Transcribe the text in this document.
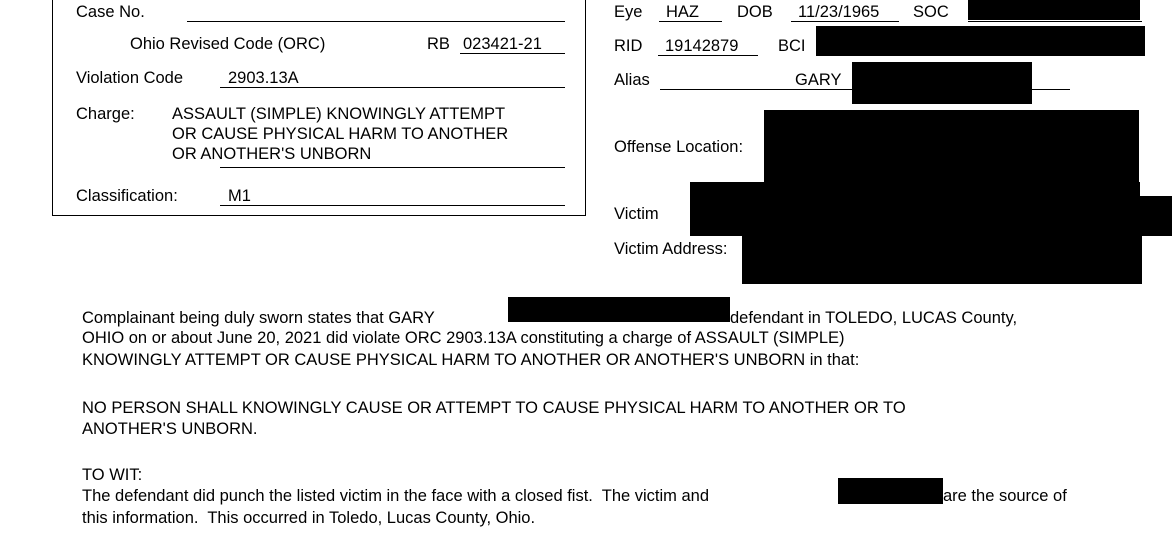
Case No.
Ohio Revised Code (ORC)	RB 023421-21
Violation Code	2903.13A
Charge: ASSAULT (SIMPLE) KNOWINGLY ATTEMPT
OR CAUSE PHYSICAL HARM TO ANOTHER
OR ANOTHER'S UNBORN
Classification:	M1
Eye HAZ DOB 11/23/1965 SOC
RID 19142879 BCI
Alias	GARY
Offense Location:
Victim
Victim Address:
Complainant being duly sworn states that GARY	defendant in TOLEDO, LUCAS County,
OHIO on or about June 20, 2021 did violate ORC 2903.13A constituting a charge of ASSAULT (SIMPLE)
KNOWINGLY ATTEMPT OR CAUSE PHYSICAL HARM TO ANOTHER OR ANOTHER'S UNBORN in that:
NO PERSON SHALL KNOWINGLY CAUSE OR ATTEMPT TO CAUSE PHYSICAL HARM TO ANOTHER OR TO
ANOTHER'S UNBORN.
TO WIT:
The defendant did punch the listed victim in the face with a closed fist.  The victim and	are the source of
this information.  This occurred in Toledo, Lucas County, Ohio.
